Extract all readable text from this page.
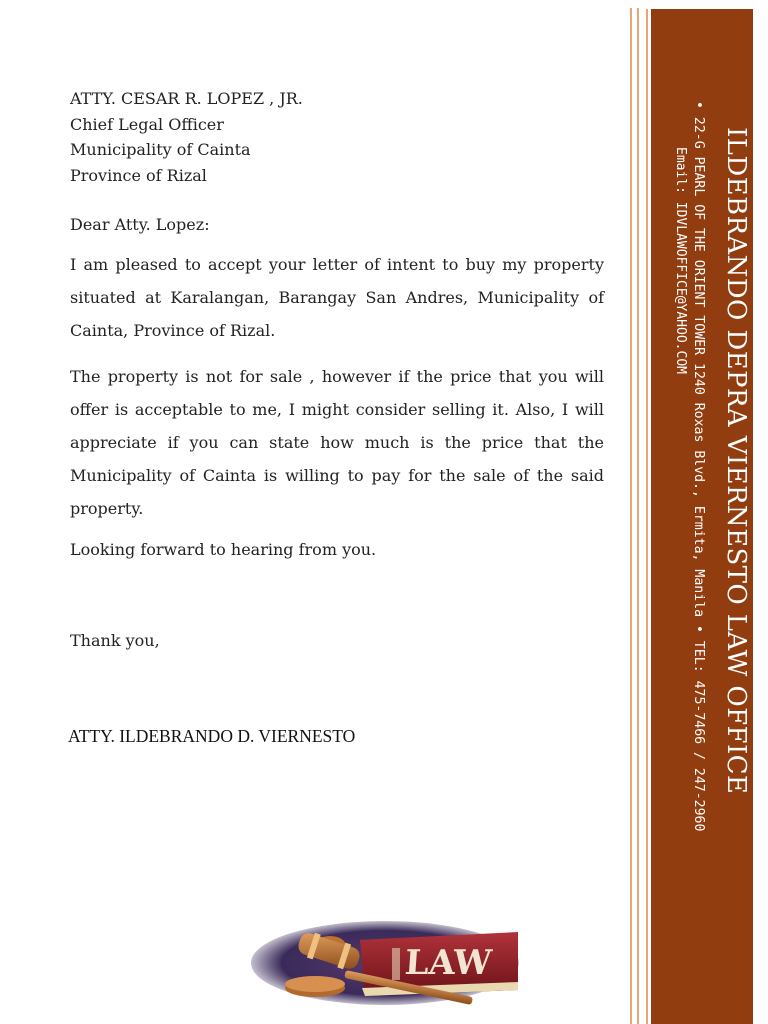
ATTY. CESAR R. LOPEZ , JR.
Chief Legal Officer
Municipality of Cainta
Province of Rizal
Dear Atty. Lopez:
I am pleased to accept your letter of intent to buy my property situated at Karalangan, Barangay San Andres, Municipality of Cainta, Province of Rizal.
The property is not for sale , however if the price that you will offer is acceptable to me, I might consider selling it. Also, I will appreciate if you can state how much is the price that the Municipality of Cainta is willing to pay for the sale of the said property.
Looking forward to hearing from you.
Thank you,
ATTY. ILDEBRANDO D. VIERNESTO	ILDEBRANDO DEPRA VIERNESTO LAW OFFICE
• 22-G PEARL OF THE ORIENT TOWER 1240 Roxas Blvd., Ermita, Manila • TEL: 475-7466 / 247-2960
Email: IDVLAWOFFICE@YAHOO.COM
LAW
